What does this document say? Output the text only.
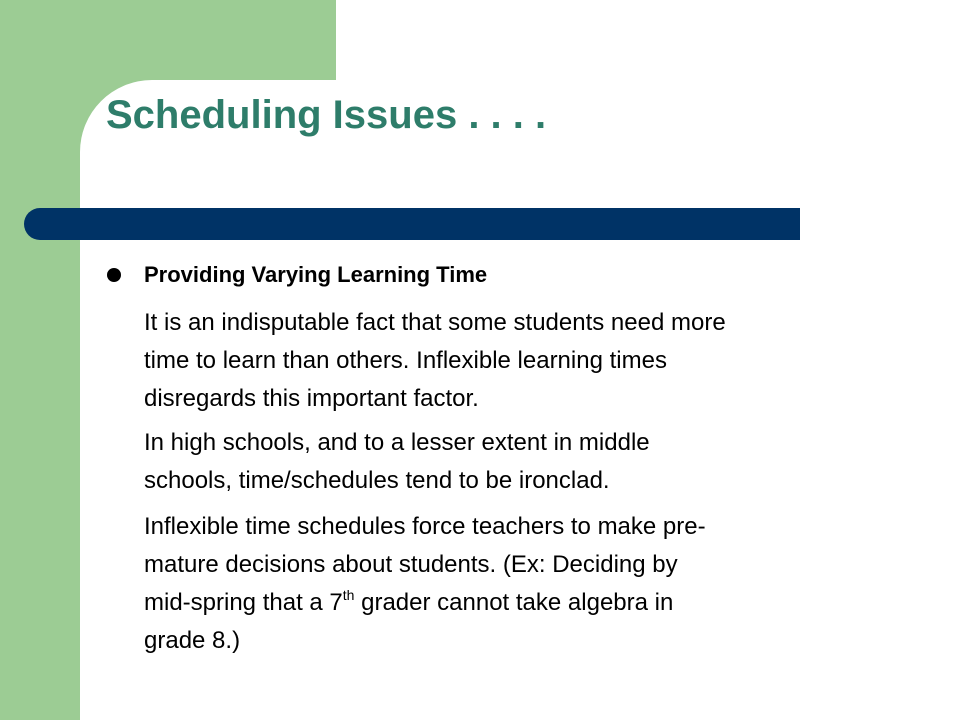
Scheduling Issues . . . .

Providing Varying Learning Time

It is an indisputable fact that some students need more
time to learn than others. Inflexible learning times
disregards this important factor.

In high schools, and to a lesser extent in middle
schools, time/schedules tend to be ironclad.

Inflexible time schedules force teachers to make pre-
mature decisions about students. (Ex: Deciding by
mid-spring that a 7th grader cannot take algebra in
grade 8.)
